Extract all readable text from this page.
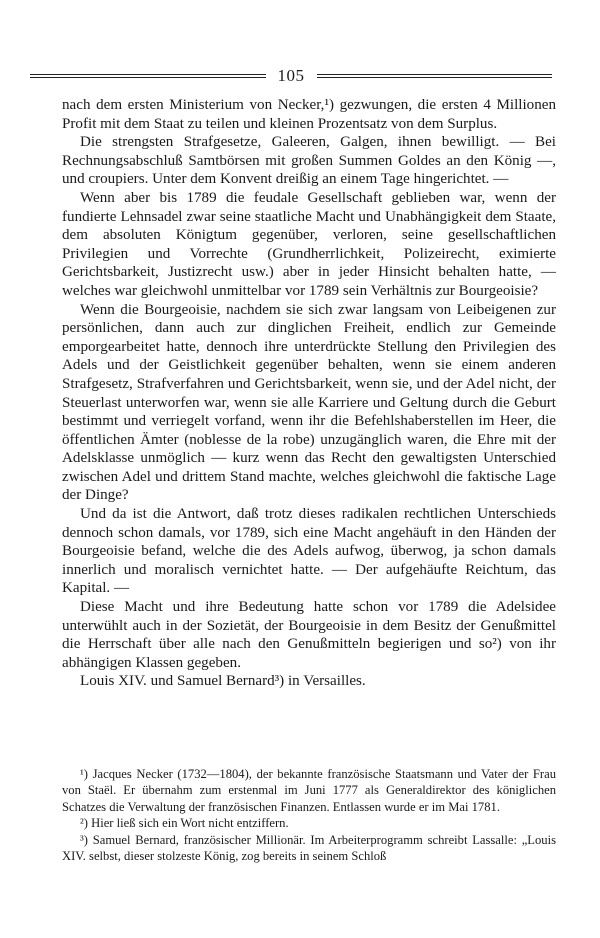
105

nach dem ersten Ministerium von Necker,¹) gezwungen, die ersten 4 Millionen Profit mit dem Staat zu teilen und kleinen Prozentsatz von dem Surplus.

Die strengsten Strafgesetze, Galeeren, Galgen, ihnen bewilligt. — Bei Rechnungsabschluß Samtbörsen mit großen Summen Goldes an den König —, und croupiers. Unter dem Konvent dreißig an einem Tage hingerichtet. —

Wenn aber bis 1789 die feudale Gesellschaft geblieben war, wenn der fundierte Lehnsadel zwar seine staatliche Macht und Unabhängigkeit dem Staate, dem absoluten Königtum gegenüber, verloren, seine gesellschaftlichen Privilegien und Vorrechte (Grundherrlichkeit, Polizeirecht, eximierte Gerichtsbarkeit, Justizrecht usw.) aber in jeder Hinsicht behalten hatte, — welches war gleichwohl unmittelbar vor 1789 sein Verhältnis zur Bourgeoisie?

Wenn die Bourgeoisie, nachdem sie sich zwar langsam von Leibeigenen zur persönlichen, dann auch zur dinglichen Freiheit, endlich zur Gemeinde emporgearbeitet hatte, dennoch ihre unterdrückte Stellung den Privilegien des Adels und der Geistlichkeit gegenüber behalten, wenn sie einem anderen Strafgesetz, Strafverfahren und Gerichtsbarkeit, wenn sie, und der Adel nicht, der Steuerlast unterworfen war, wenn sie alle Karriere und Geltung durch die Geburt bestimmt und verriegelt vorfand, wenn ihr die Befehlshaberstellen im Heer, die öffentlichen Ämter (noblesse de la robe) unzugänglich waren, die Ehre mit der Adelsklasse unmöglich — kurz wenn das Recht den gewaltigsten Unterschied zwischen Adel und drittem Stand machte, welches gleichwohl die faktische Lage der Dinge?

Und da ist die Antwort, daß trotz dieses radikalen rechtlichen Unterschieds dennoch schon damals, vor 1789, sich eine Macht angehäuft in den Händen der Bourgeoisie befand, welche die des Adels aufwog, überwog, ja schon damals innerlich und moralisch vernichtet hatte. — Der aufgehäufte Reichtum, das Kapital. —

Diese Macht und ihre Bedeutung hatte schon vor 1789 die Adelsidee unterwühlt auch in der Sozietät, der Bourgeoisie in dem Besitz der Genußmittel die Herrschaft über alle nach den Genußmitteln begierigen und so²) von ihr abhängigen Klassen gegeben.

Louis XIV. und Samuel Bernard³) in Versailles.

¹) Jacques Necker (1732—1804), der bekannte französische Staatsmann und Vater der Frau von Staël. Er übernahm zum erstenmal im Juni 1777 als Generaldirektor des königlichen Schatzes die Verwaltung der französischen Finanzen. Entlassen wurde er im Mai 1781.

²) Hier ließ sich ein Wort nicht entziffern.

³) Samuel Bernard, französischer Millionär. Im Arbeiterprogramm schreibt Lassalle: „Louis XIV. selbst, dieser stolzeste König, zog bereits in seinem Schloß
